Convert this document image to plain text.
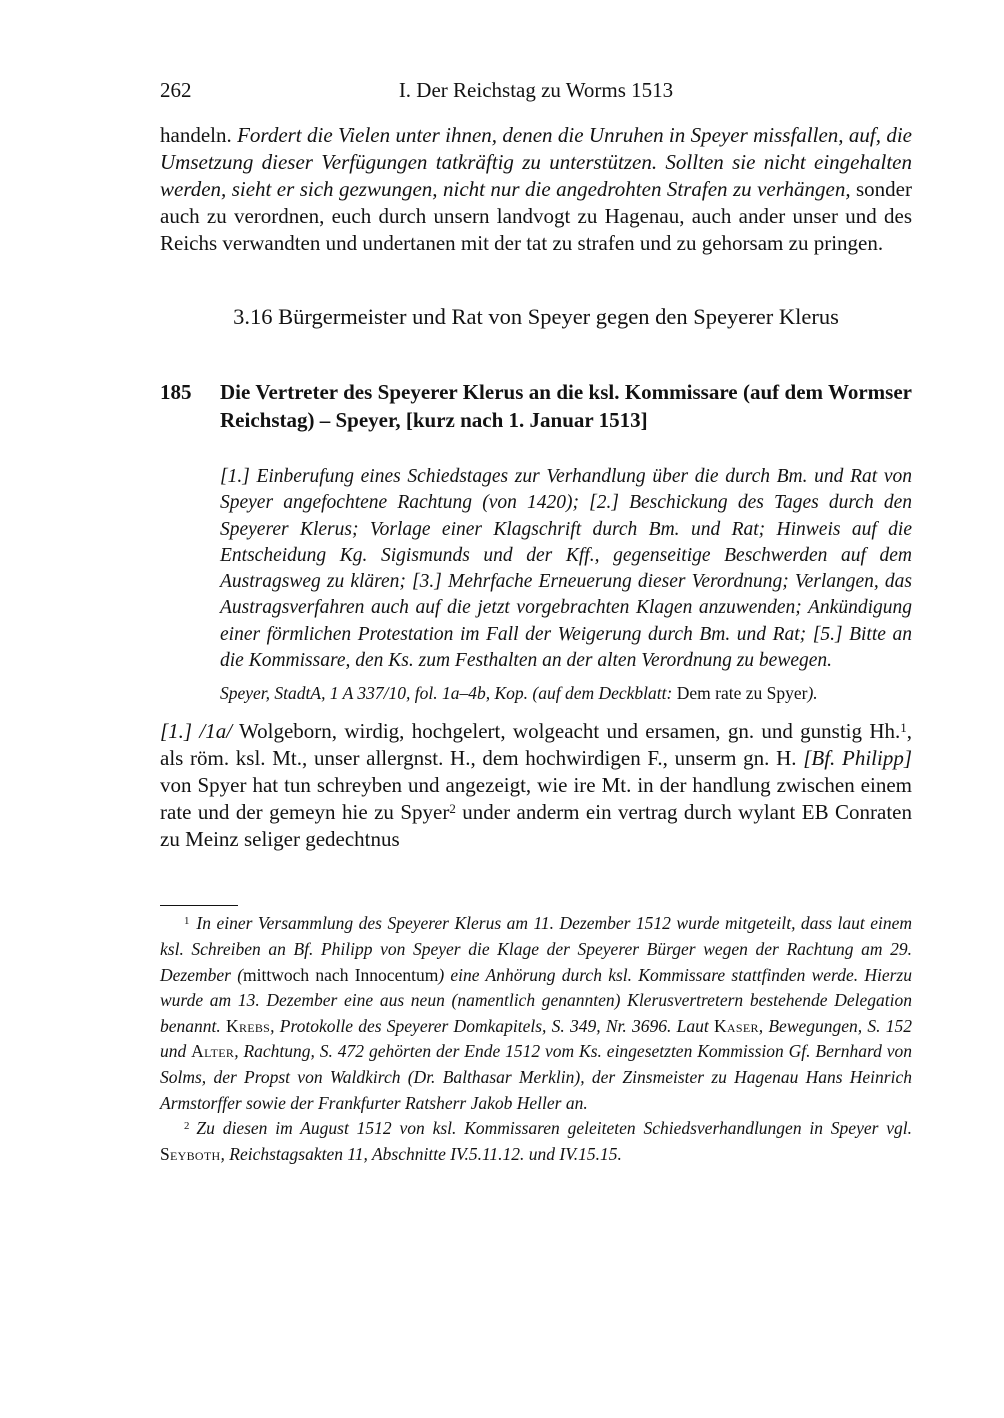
262	I. Der Reichstag zu Worms 1513

handeln. Fordert die Vielen unter ihnen, denen die Unruhen in Speyer missfallen, auf, die Umsetzung dieser Verfügungen tatkräftig zu unterstützen. Sollten sie nicht eingehalten werden, sieht er sich gezwungen, nicht nur die angedrohten Strafen zu verhängen, sonder auch zu verordnen, euch durch unsern landvogt zu Hagenau, auch ander unser und des Reichs verwandten und undertanen mit der tat zu strafen und zu gehorsam zu pringen.

3.16 Bürgermeister und Rat von Speyer gegen den Speyerer Klerus
185	Die Vertreter des Speyerer Klerus an die ksl. Kommissare (auf dem Wormser Reichstag) – Speyer, [kurz nach 1. Januar 1513]

[1.] Einberufung eines Schiedstages zur Verhandlung über die durch Bm. und Rat von Speyer angefochtene Rachtung (von 1420); [2.] Beschickung des Tages durch den Speyerer Klerus; Vorlage einer Klagschrift durch Bm. und Rat; Hinweis auf die Entscheidung Kg. Sigismunds und der Kff., gegenseitige Beschwerden auf dem Austragsweg zu klären; [3.] Mehrfache Erneuerung dieser Verordnung; Verlangen, das Austragsverfahren auch auf die jetzt vorgebrachten Klagen anzuwenden; Ankündigung einer förmlichen Protestation im Fall der Weigerung durch Bm. und Rat; [5.] Bitte an die Kommissare, den Ks. zum Festhalten an der alten Verordnung zu bewegen.

Speyer, StadtA, 1 A 337/10, fol. 1a–4b, Kop. (auf dem Deckblatt: Dem rate zu Spyer).

[1.] /1a/ Wolgeborn, wirdig, hochgelert, wolgeacht und ersamen, gn. und gunstig Hh.$^1$, als röm. ksl. Mt., unser allergnst. H., dem hochwirdigen F., unserm gn. H. [Bf. Philipp] von Spyer hat tun schreyben und angezeigt, wie ire Mt. in der handlung zwischen einem rate und der gemeyn hie zu Spyer$^2$ under anderm ein vertrag durch wylant EB Conraten zu Meinz seliger gedechtnus

$^1$ In einer Versammlung des Speyerer Klerus am 11. Dezember 1512 wurde mitgeteilt, dass laut einem ksl. Schreiben an Bf. Philipp von Speyer die Klage der Speyerer Bürger wegen der Rachtung am 29. Dezember (mittwoch nach Innocentum) eine Anhörung durch ksl. Kommissare stattfinden werde. Hierzu wurde am 13. Dezember eine aus neun (namentlich genannten) Klerusvertretern bestehende Delegation benannt. Krebs, Protokolle des Speyerer Domkapitels, S. 349, Nr. 3696. Laut Kaser, Bewegungen, S. 152 und Alter, Rachtung, S. 472 gehörten der Ende 1512 vom Ks. eingesetzten Kommission Gf. Bernhard von Solms, der Propst von Waldkirch (Dr. Balthasar Merklin), der Zinsmeister zu Hagenau Hans Heinrich Armstorffer sowie der Frankfurter Ratsherr Jakob Heller an.

$^2$ Zu diesen im August 1512 von ksl. Kommissaren geleiteten Schiedsverhandlungen in Speyer vgl. Seyboth, Reichstagsakten 11, Abschnitte IV.5.11.12. und IV.15.15.
